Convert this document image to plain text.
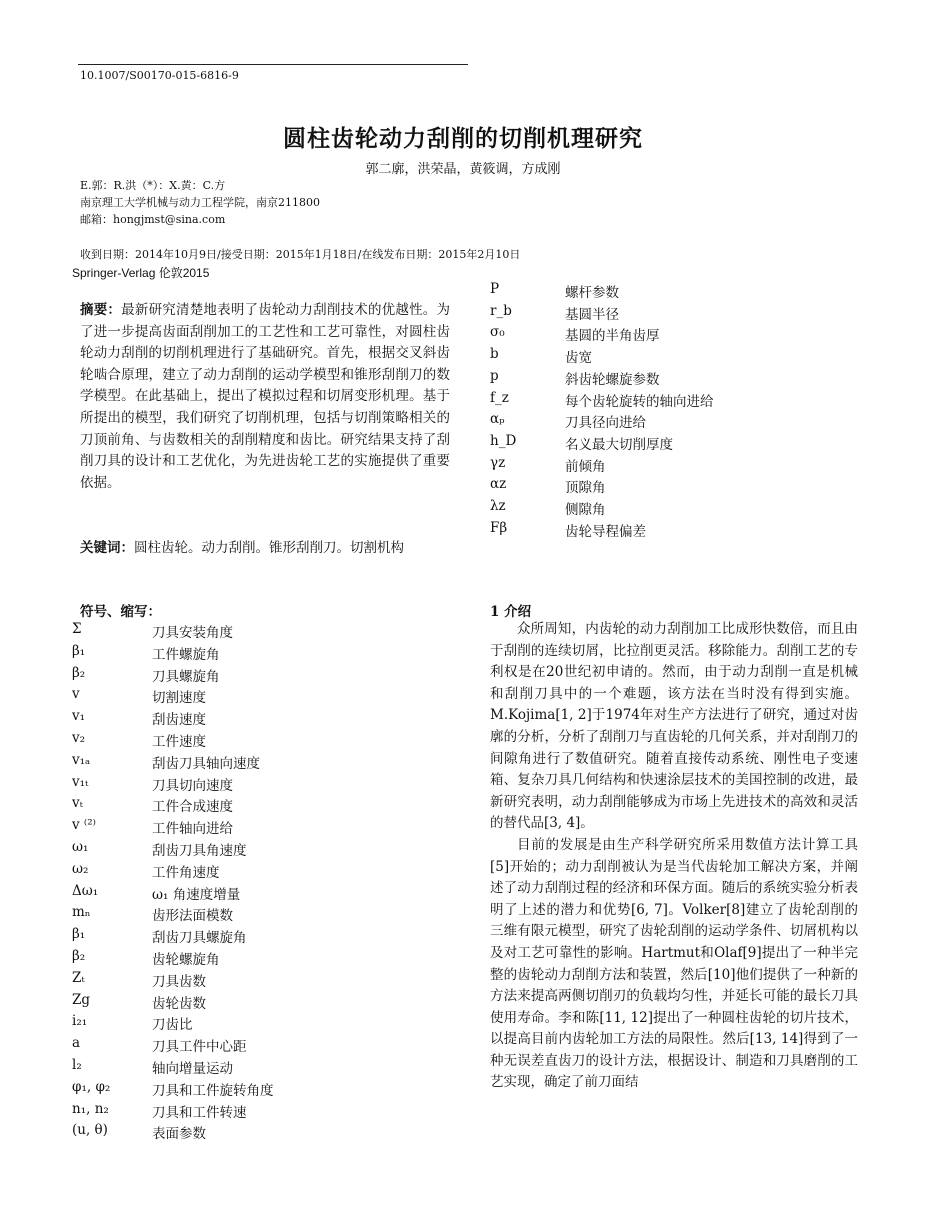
10.1007/S00170-015-6816-9
圆柱齿轮动力刮削的切削机理研究
郭二廓，洪荣晶，黄筱调，方成刚
E.郭：R.洪（*）：X.黄：C.方
南京理工大学机械与动力工程学院，南京211800
邮箱：hongjmst@sina.com
收到日期：2014年10月9日/接受日期：2015年1月18日/在线发布日期：2015年2月10日
Springer-Verlag 伦敦2015
摘要：最新研究清楚地表明了齿轮动力刮削技术的优越性。为了进一步提高齿面刮削加工的工艺性和工艺可靠性，对圆柱齿轮动力刮削的切削机理进行了基础研究。首先，根据交叉斜齿轮啮合原理，建立了动力刮削的运动学模型和锥形刮削刀的数学模型。在此基础上，提出了模拟过程和切屑变形机理。基于所提出的模型，我们研究了切削机理，包括与切削策略相关的刀顶前角、与齿数相关的刮削精度和齿比。研究结果支持了刮削刀具的设计和工艺优化，为先进齿轮工艺的实施提供了重要依据。
关键词：圆柱齿轮。动力刮削。锥形刮削刀。切割机构
符号、缩写：
Σ	刀具安装角度
β₁	工件螺旋角
β₂	刀具螺旋角
v	切割速度
v₁	刮齿速度
v₂	工件速度
v₁ₐ	刮齿刀具轴向速度
v₁ₜ	刀具切向速度
vₜ	工件合成速度
v ⁽²⁾	工件轴向进给
ω₁	刮齿刀具角速度
ω₂	工件角速度
Δω₁	ω₁ 角速度增量
mₙ	齿形法面模数
β₁	刮齿刀具螺旋角
β₂	齿轮螺旋角
Zₜ	刀具齿数
Zg	齿轮齿数
i₂₁	刀齿比
a	刀具工件中心距
l₂	轴向增量运动
φ₁, φ₂	刀具和工件旋转角度
n₁, n₂	刀具和工件转速
(u, θ)	表面参数
P	螺杆参数
r_b	基圆半径
σ₀	基圆的半角齿厚
b	齿宽
p	斜齿轮螺旋参数
f_z	每个齿轮旋转的轴向进给
αₚ	刀具径向进给
h_D	名义最大切削厚度
γz	前倾角
αz	顶隙角
λz	侧隙角
Fβ	齿轮导程偏差
1 介绍
众所周知，内齿轮的动力刮削加工比成形快数倍，而且由于刮削的连续切屑，比拉削更灵活。移除能力。刮削工艺的专利权是在20世纪初申请的。然而，由于动力刮削一直是机械和刮削刀具中的一个难题，该方法在当时没有得到实施。M.Kojima[1, 2]于1974年对生产方法进行了研究，通过对齿廓的分析，分析了刮削刀与直齿轮的几何关系，并对刮削刀的间隙角进行了数值研究。随着直接传动系统、刚性电子变速箱、复杂刀具几何结构和快速涂层技术的美国控制的改进，最新研究表明，动力刮削能够成为市场上先进技术的高效和灵活的替代品[3, 4]。
目前的发展是由生产科学研究所采用数值方法计算工具[5]开始的；动力刮削被认为是当代齿轮加工解决方案，并阐述了动力刮削过程的经济和环保方面。随后的系统实验分析表明了上述的潜力和优势[6, 7]。Volker[8]建立了齿轮刮削的三维有限元模型，研究了齿轮刮削的运动学条件、切屑机构以及对工艺可靠性的影响。Hartmut和Olaf[9]提出了一种半完整的齿轮动力刮削方法和装置，然后[10]他们提供了一种新的方法来提高两侧切削刃的负载均匀性，并延长可能的最长刀具使用寿命。李和陈[11, 12]提出了一种圆柱齿轮的切片技术，以提高目前内齿轮加工方法的局限性。然后[13, 14]得到了一种无误差直齿刀的设计方法，根据设计、制造和刀具磨削的工艺实现，确定了前刀面结
